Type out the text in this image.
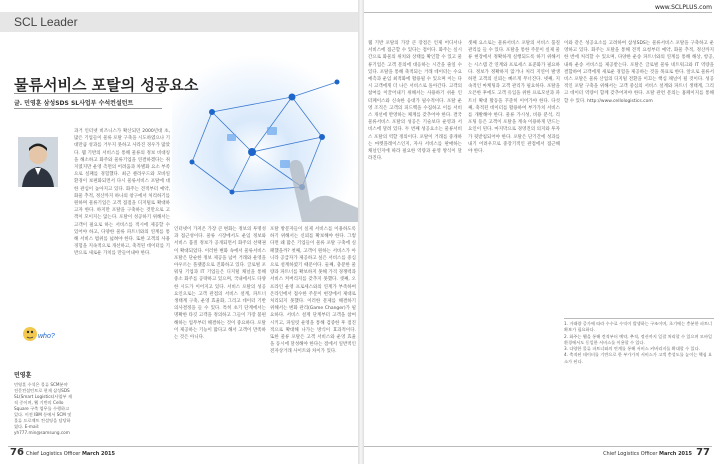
SCL Leader
www.SCLPLUS.com
물류서비스 포탈의 성공요소
글. 민영훈 삼성SDS SL사업부 수석컨설턴트
who?
민영훈
민영훈 수석은 물류 SCM분야 전문컨설턴트로 현재 삼성SDS SL(Smart Logistics)사업부 재직 중이며, 웹 기반의 Cello Square 구축 업무를 수행하고 있다. 이전 IBM 등에서 SCM 및 물류 프로젝트 컨설팅을 담당하였다. E-mail: yh777.min@samsung.com
과거 인터넷 비즈니스가 확산되던 2000년대 초, 많은 기업들이 물류 포탈 구축을 시도하였으나 기대만큼 성과를 거두지 못하고 사라진 경우가 많았다. 웹 기반의 서비스를 통해 물류의 정보 비대칭을 해소하고 화주와 물류기업을 연결하겠다는 취지였지만 운영 측면의 어려움과 차별화 요소 부족으로 실패를 경험했다. 최근 클라우드와 모바일 환경이 보편화되면서 다시 물류서비스 포탈에 대한 관심이 높아지고 있다. 화주는 견적부터 예약, 화물 추적, 정산까지 하나의 창구에서 처리하기를 원하며 물류기업은 고객 접점을 디지털로 확대하고자 한다. 하지만 포탈을 구축하는 것만으로 고객이 모이지는 않는다. 포탈이 성공하기 위해서는 고객이 필요로 하는 서비스를 적시에 제공할 수 있어야 하고, 다양한 물류 파트너와의 연계를 통해 서비스 범위를 넓혀야 한다. 또한 고객의 사용 경험을 지속적으로 개선하고, 축적된 데이터를 기반으로 새로운 가치를 만들어내야 한다.
인터넷이 가져온 가장 큰 변화는 정보의 투명성과 접근성이다. 물류 시장에서도 운임 정보와 서비스 품질 정보가 공개되면서 화주의 선택권이 확대되었다. 이러한 변화 속에서 물류서비스 포탈은 단순한 정보 제공을 넘어 거래와 운영을 아우르는 플랫폼으로 진화하고 있다. 글로벌 포워딩 기업과 IT 기업들은 디지털 채널을 통해 중소 화주를 공략하고 있으며, 국내에서도 다양한 시도가 이어지고 있다. 서비스 포탈의 성공 요인으로는 고객 관점의 서비스 설계, 파트너 생태계 구축, 운영 효율화, 그리고 데이터 기반 의사결정을 들 수 있다. 특히 초기 단계에서는 명확한 타깃 고객을 정의하고 그들이 가장 불편해하는 업무부터 해결하는 것이 중요하다. 포탈이 제공하는 기능이 많다고 해서 고객이 만족하는 것은 아니다.
포탈 방문자들이 실제 서비스를 이용하도록 하기 위해서는 신뢰를 확보해야 한다. 그렇다면 왜 많은 기업들이 물류 포탈 구축에 실패했을까? 첫째, 고객이 원하는 서비스가 아니라 공급자가 제공하고 싶은 서비스를 중심으로 설계하였기 때문이다. 둘째, 충분한 물량과 파트너를 확보하지 못해 가격 경쟁력과 서비스 커버리지를 갖추지 못했다. 셋째, 오프라인 운영 프로세스와의 연계가 부족하여 온라인에서 접수한 주문이 현장에서 제대로 처리되지 못했다. 이러한 문제를 해결하기 위해서는 변화 관리(Game Changer)가 필요하다. 서비스 설계 단계부터 고객을 참여시키고, 파일럿 운영을 통해 검증한 후 점진적으로 확대해 나가는 방식이 효과적이다. 또한 물류 포탈은 고객 서비스와 운영 효율을 동시에 달성해야 한다는 점에서 일반적인 전자상거래 사이트와 차이가 있다.
웹 기반 포탈의 가장 큰 장점은 언제 어디서나 서비스에 접근할 수 있다는 점이다. 화주는 실시간으로 화물의 위치와 상태를 확인할 수 있고 물류기업은 고객 문의에 대응하는 시간을 줄일 수 있다. 포탈을 통해 축적되는 거래 데이터는 수요 예측과 운임 최적화에 활용될 수 있으며 이는 다시 고객에게 더 나은 서비스로 돌아간다. 고객의 참여를 이끌어내기 위해서는 사용하기 쉬운 인터페이스와 신속한 응대가 필수적이다. 포탈 운영 조직은 고객의 피드백을 수집하고 이를 서비스 개선에 반영하는 체계를 갖추어야 한다. 결국 물류서비스 포탈의 성공은 기술보다 운영과 서비스에 달려 있다. 두 번째 성공요소는 물류서비스 포탈의 역할 정의이다. 포탈이 거래를 중개하는 마켓플레이스인지, 자사 서비스를 판매하는 채널인지에 따라 필요한 역량과 운영 방식이 달라진다.
셋째 요소로는 물류서비스 포탈의 서비스 품질 관리를 들 수 있다. 포탈을 통한 주문이 실제 물류 현장에서 정확하게 실행되도록 하기 위해서는 시스템 간 연계와 프로세스 표준화가 필요하다. 정보가 정확하지 않거나 처리 지연이 발생하면 고객의 신뢰는 빠르게 무너진다. 넷째, 지속적인 마케팅과 고객 관리가 필요하다. 포탈을 오픈한 후에도 고객 유입을 위한 프로모션과 파트너 확대 활동을 꾸준히 이어가야 한다. 다섯째, 축적된 데이터를 활용하여 부가가치 서비스를 개발해야 한다. 물류 가시성, 비용 분석, 리포팅 등은 고객이 포탈을 계속 이용하게 만드는 요인이 된다. 마지막으로 경영진의 의지와 투자가 뒷받침되어야 한다. 포탈은 단기간에 성과를 내기 어려우므로 중장기적인 관점에서 접근해야 한다.
이와 같은 성공요소를 고려하여 삼성SDS는 물류서비스 포탈을 구축하고 운영하고 있다. 화주는 포탈을 통해 견적 요청부터 예약, 화물 추적, 정산까지 한 번에 처리할 수 있으며, 다양한 운송 파트너와의 연계를 통해 해상, 항공, 내륙 운송 서비스를 제공받는다. 포탈은 글로벌 물류 네트워크와 IT 역량을 결합하여 고객에게 새로운 경험을 제공하는 것을 목표로 한다. 앞으로 물류서비스 포탈은 물류 산업의 디지털 전환을 이끄는 핵심 채널이 될 것이다. 성공적인 포탈 구축을 위해서는 고객 중심의 서비스 설계와 파트너 생태계, 그리고 데이터 역량이 함께 갖추어져야 한다. 포탈 관련 문의는 홈페이지를 통해 할 수 있다. http://www.cellologistics.com
1. 거래량 증가에 따라 수수료 수익이 발생하는 구조이며, 초기에는 충분한 파트너 확보가 필요하다.
2. 화주는 웹을 통해 견적부터 예약, 추적, 정산까지 일괄 처리할 수 있으며 모바일 환경에서도 동일한 서비스를 이용할 수 있다.
3. 다양한 물류 파트너와의 연계를 통해 서비스 커버리지를 확대할 수 있다.
4. 축적된 데이터를 기반으로 한 부가가치 서비스가 고객 충성도를 높이는 핵심 요소가 된다.
76 Chief Logistics Officer March 2015	Chief Logistics Officer March 2015 77
